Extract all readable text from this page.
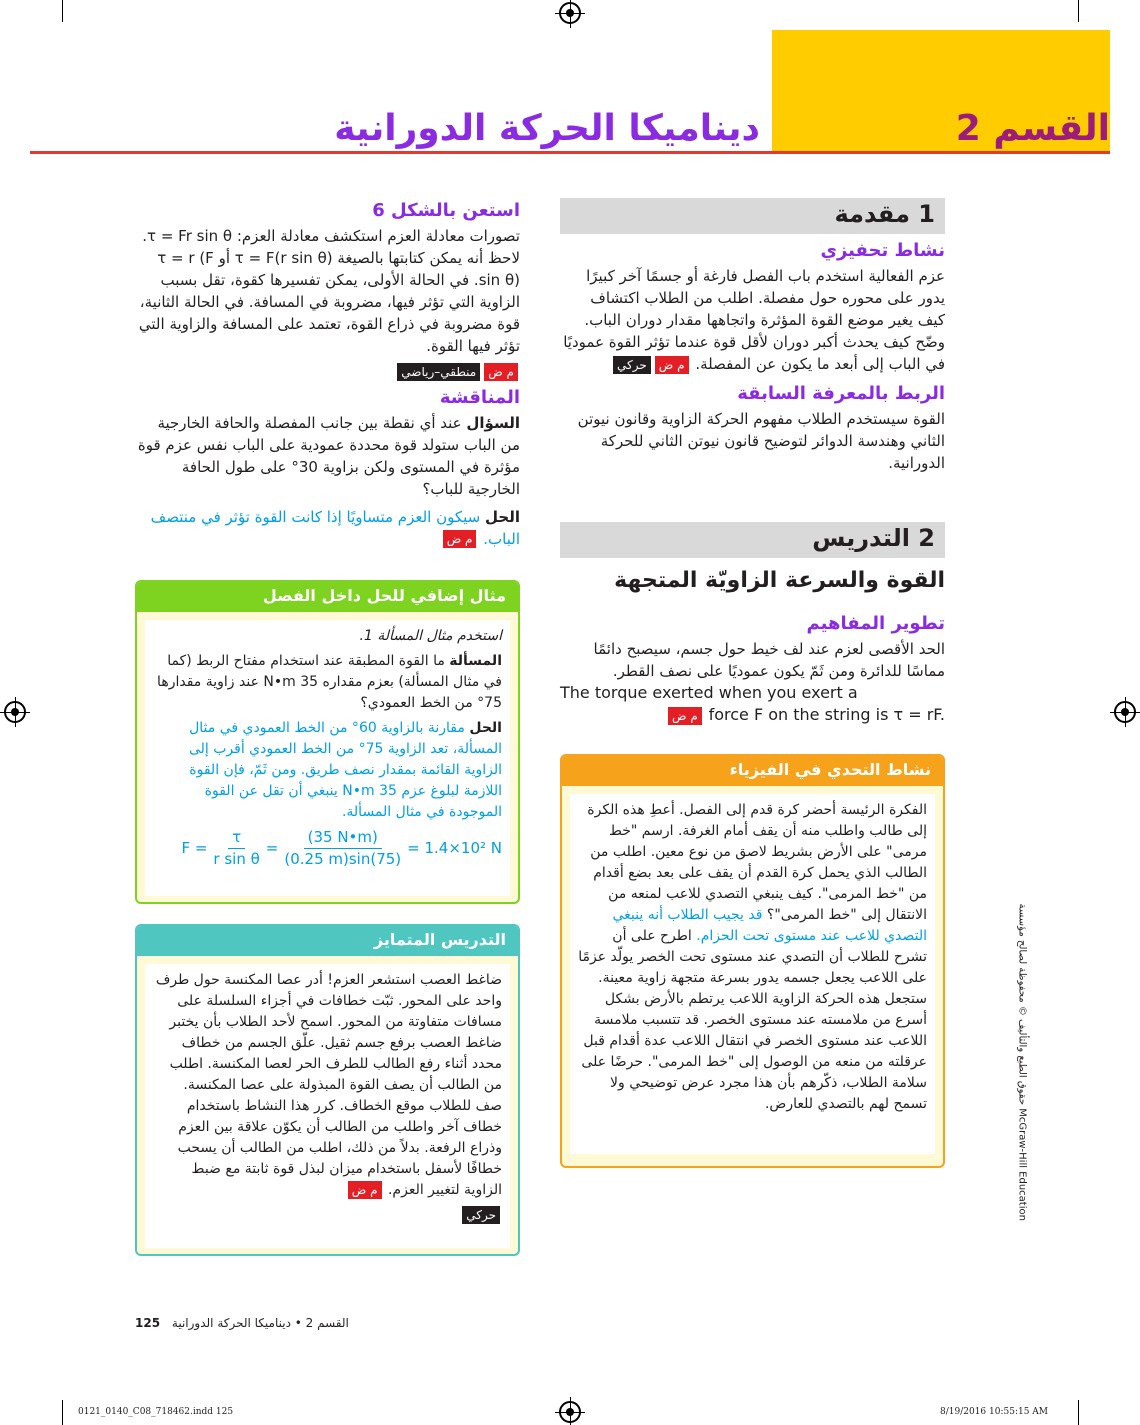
القسم 2
ديناميكا الحركة الدورانية
1 مقدمة
نشاط تحفيزي
عزم الفعالية استخدم باب الفصل فارغة أو جسمًا آخر كبيرًا يدور على محوره حول مفصلة. اطلب من الطلاب اكتشاف كيف يغير موضع القوة المؤثرة واتجاهها مقدار دوران الباب. وضّح كيف يحدث أكبر دوران لأقل قوة عندما تؤثر القوة عموديًا في الباب إلى أبعد ما يكون عن المفصلة. م ضحركي
الربط بالمعرفة السابقة
القوة سيستخدم الطلاب مفهوم الحركة الزاوية وقانون نيوتن الثاني وهندسة الدوائر لتوضيح قانون نيوتن الثاني للحركة الدورانية.
2 التدريس
القوة والسرعة الزاويّة المتجهة
تطوير المفاهيم
الحد الأقصى لعزم عند لف خيط حول جسم، سيصبح دائمًا مماسًا للدائرة ومن ثَمّ يكون عموديًا على نصف القطر.
The torque exerted when you exert a
م ض force F on the string is τ = rF.
نشاط التحدي في الفيزياء
الفكرة الرئيسة أحضر كرة قدم إلى الفصل. أعطِ هذه الكرة إلى طالب واطلب منه أن يقف أمام الغرفة. ارسم "خط مرمى" على الأرض بشريط لاصق من نوع معين. اطلب من الطالب الذي يحمل كرة القدم أن يقف على بعد بضع أقدام من "خط المرمى". كيف ينبغي التصدي للاعب لمنعه من الانتقال إلى "خط المرمى"؟ قد يجيب الطلاب أنه ينبغي التصدي للاعب عند مستوى تحت الحزام. اطرح على أن تشرح للطلاب أن التصدي عند مستوى تحت الخصر يولّد عزمًا على اللاعب يجعل جسمه يدور بسرعة متجهة زاوية معينة. ستجعل هذه الحركة الزاوية اللاعب يرتطم بالأرض بشكل أسرع من ملامسته عند مستوى الخصر. قد تتسبب ملامسة اللاعب عند مستوى الخصر في انتقال اللاعب عدة أقدام قبل عرقلته من منعه من الوصول إلى "خط المرمى". حرضًا على سلامة الطلاب، ذكّرهم بأن هذا مجرد عرض توضيحي ولا تسمح لهم بالتصدي للعارض.
استعن بالشكل 6
تصورات معادلة العزم استكشف معادلة العزم: τ = Fr sin θ. لاحظ أنه يمكن كتابتها بالصيغة τ = F(r sin θ) أو τ = r (F sin θ). في الحالة الأولى، يمكن تفسيرها كقوة، تقل بسبب الزاوية التي تؤثر فيها، مضروبة في المسافة. في الحالة الثانية، قوة مضروبة في ذراع القوة، تعتمد على المسافة والزاوية التي تؤثر فيها القوة.
م ضمنطقي–رياضي
المناقشة
السؤال عند أي نقطة بين جانب المفصلة والحافة الخارجية من الباب ستولد قوة محددة عمودية على الباب نفس عزم قوة مؤثرة في المستوى ولكن بزاوية 30° على طول الحافة الخارجية للباب؟
الحل سيكون العزم متساويًا إذا كانت القوة تؤثر في منتصف الباب. م ض
مثال إضافي للحل داخل الفصل
استخدم مثال المسألة 1.
المسألة ما القوة المطبقة عند استخدام مفتاح الربط (كما في مثال المسألة) بعزم مقداره 35 N•m عند زاوية مقدارها 75° من الخط العمودي؟
الحل مقارنة بالزاوية 60° من الخط العمودي في مثال المسألة، تعد الزاوية 75° من الخط العمودي أقرب إلى الزاوية القائمة بمقدار نصف طريق. ومن ثَمّ، فإن القوة اللازمة لبلوغ عزم 35 N•m ينبغي أن تقل عن القوة الموجودة في مثال المسألة.
$F = \frac{\tau}{\text{r sin θ}} = \frac{(35 N•m)}{(0.25 m)\sin(75)} = 1.4\times 10^2$ N
التدريس المتمايز
ضاغط العصب استشعر العزم! أدر عصا المكنسة حول طرف واحد على المحور. ثبّت خطافات في أجزاء السلسلة على مسافات متفاوتة من المحور. اسمح لأحد الطلاب بأن يختبر ضاغط العصب برفع جسم ثقيل. علّق الجسم من خطاف محدد أثناء رفع الطالب للطرف الحر لعصا المكنسة. اطلب من الطالب أن يصف القوة المبذولة على عصا المكنسة. صف للطلاب موقع الخطاف. كرر هذا النشاط باستخدام خطاف آخر واطلب من الطالب أن يكوّن علاقة بين العزم وذراع الرفعة. بدلاً من ذلك، اطلب من الطالب أن يسحب خطافًا لأسفل باستخدام ميزان لبذل قوة ثابتة مع ضبط الزاوية لتغيير العزم. م ض
حركي
حقوق الطبع والتأليف © محفوظة لصالح مؤسسة McGraw-Hill Education
125 القسم 2 • ديناميكا الحركة الدورانية
0121_0140_C08_718462.indd 125	8/19/2016 10:55:15 AM
